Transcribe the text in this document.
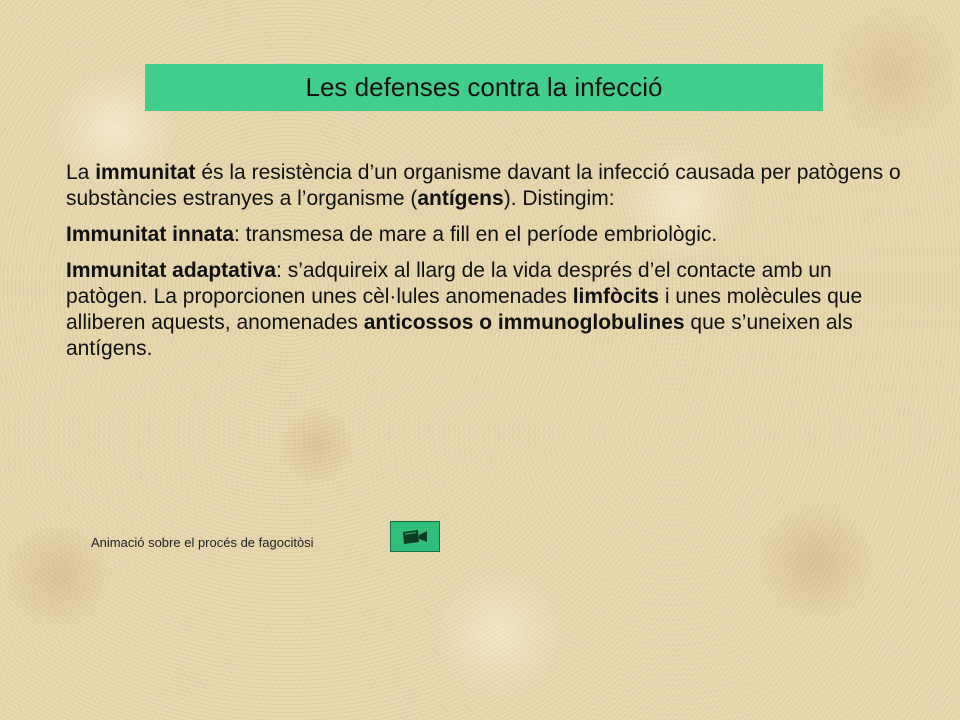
Les defenses contra la infecció

La immunitat és la resistència d’un organisme davant la infecció causada per patògens o substàncies estranyes a l’organisme (antígens). Distingim:

Immunitat innata: transmesa de mare a fill en el període embriològic.

Immunitat adaptativa: s’adquireix al llarg de la vida després d’el contacte amb un patògen. La proporcionen unes cèl·lules anomenades limfòcits i unes molècules que alliberen aquests, anomenades anticossos o immunoglobulines que s’uneixen als antígens.

Animació sobre el procés de fagocitòsi
